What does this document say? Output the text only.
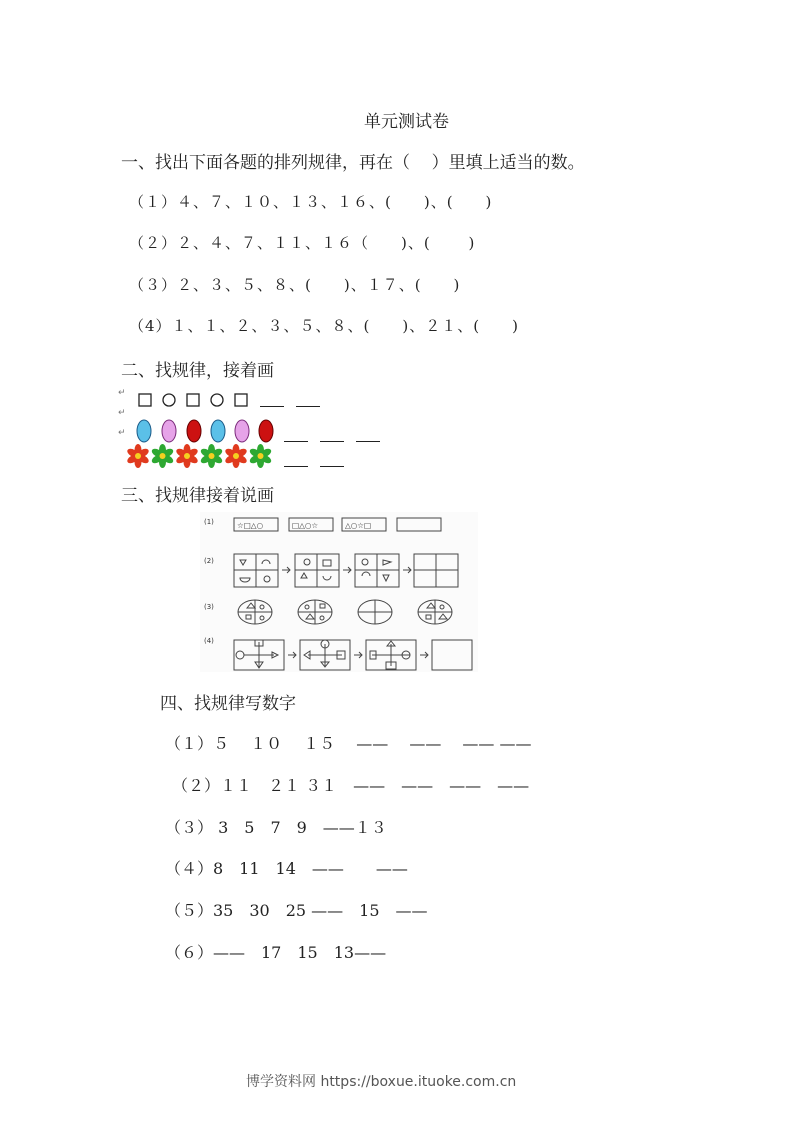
单元测试卷
一、找出下面各题的排列规律，再在（    ）里填上适当的数。
（１）４、７、１０、１３、１６、(　　)、(　　)
（２）２、４、７、１１、１６（　　)、(　　 )
（３）２、３、５、８、(　　)、１７、(　　)
（4）１、１、２、３、５、８、(　　)、２１、(　　)
二、找规律，接着画
↵
↵
↵
三、找规律接着说画
(1)
(2)
(3)
(4)
☆□△○	□△○☆	△○☆□
四、找规律写数字
（１）５　 １０ 　１５ 　——　 ——　 —— ——
（２）１１　２１ ３１　——　——　——　——
（３） 3　5　7　9　——１３
（４）8　11　14　——　　——
（５）35　30　25 ——　15　——
（６）——　17　15　13——
博学资料网 https://boxue.ituoke.com.cn
